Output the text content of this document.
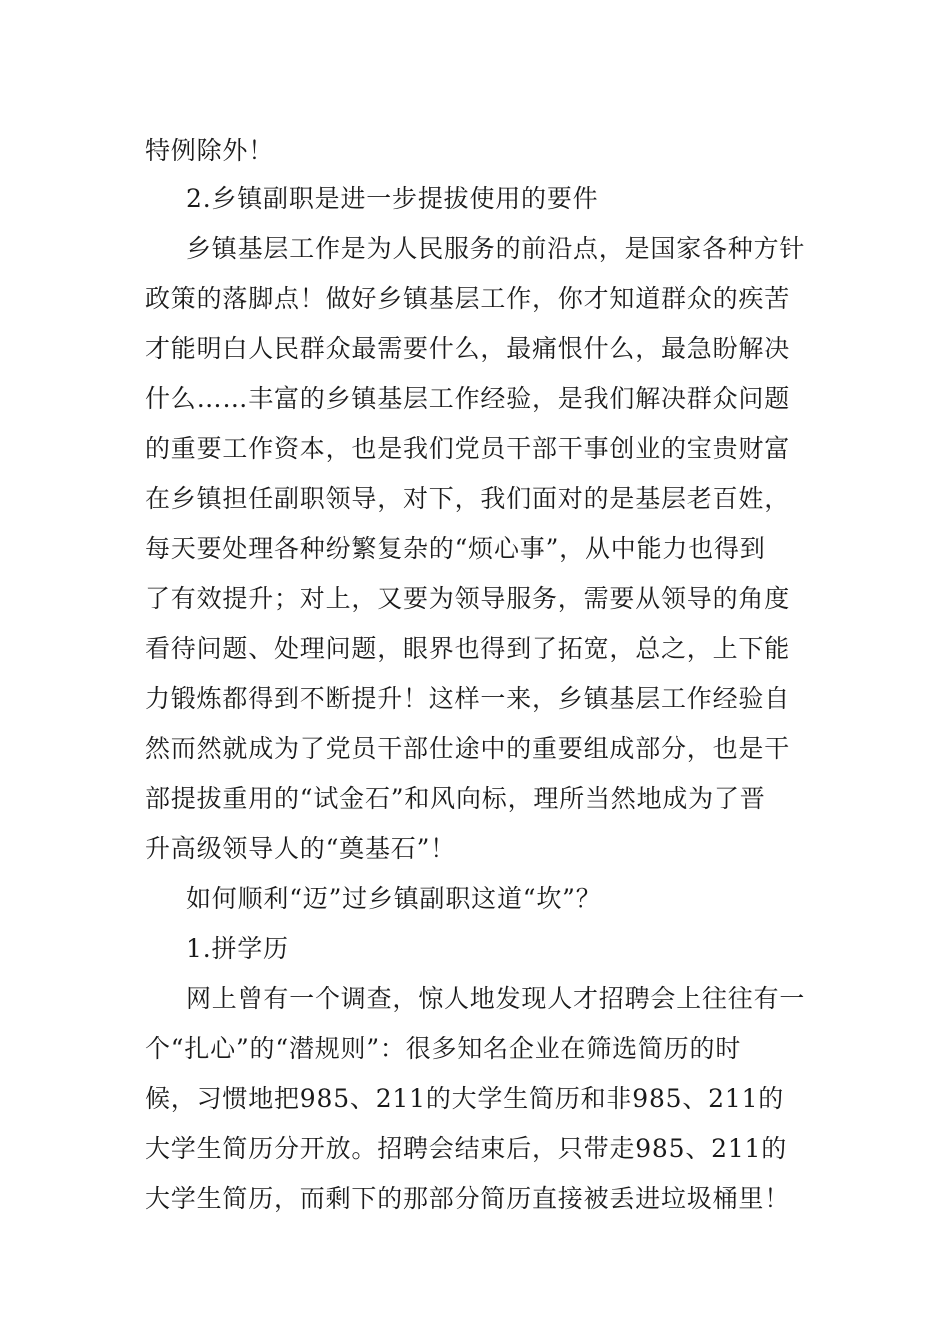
特例除外！

2.乡镇副职是进一步提拔使用的要件

乡镇基层工作是为人民服务的前沿点，是国家各种方针

政策的落脚点！做好乡镇基层工作，你才知道群众的疾苦

才能明白人民群众最需要什么，最痛恨什么，最急盼解决

什么……丰富的乡镇基层工作经验，是我们解决群众问题

的重要工作资本，也是我们党员干部干事创业的宝贵财富

在乡镇担任副职领导，对下，我们面对的是基层老百姓，

每天要处理各种纷繁复杂的“烦心事”，从中能力也得到

了有效提升；对上，又要为领导服务，需要从领导的角度

看待问题、处理问题，眼界也得到了拓宽，总之，上下能

力锻炼都得到不断提升！这样一来，乡镇基层工作经验自

然而然就成为了党员干部仕途中的重要组成部分，也是干

部提拔重用的“试金石”和风向标，理所当然地成为了晋

升高级领导人的“奠基石”！

如何顺利“迈”过乡镇副职这道“坎”？

1.拼学历

网上曾有一个调查，惊人地发现人才招聘会上往往有一

个“扎心”的“潜规则”：很多知名企业在筛选简历的时

候，习惯地把985、211的大学生简历和非985、211的

大学生简历分开放。招聘会结束后，只带走985、211的

大学生简历，而剩下的那部分简历直接被丢进垃圾桶里！
